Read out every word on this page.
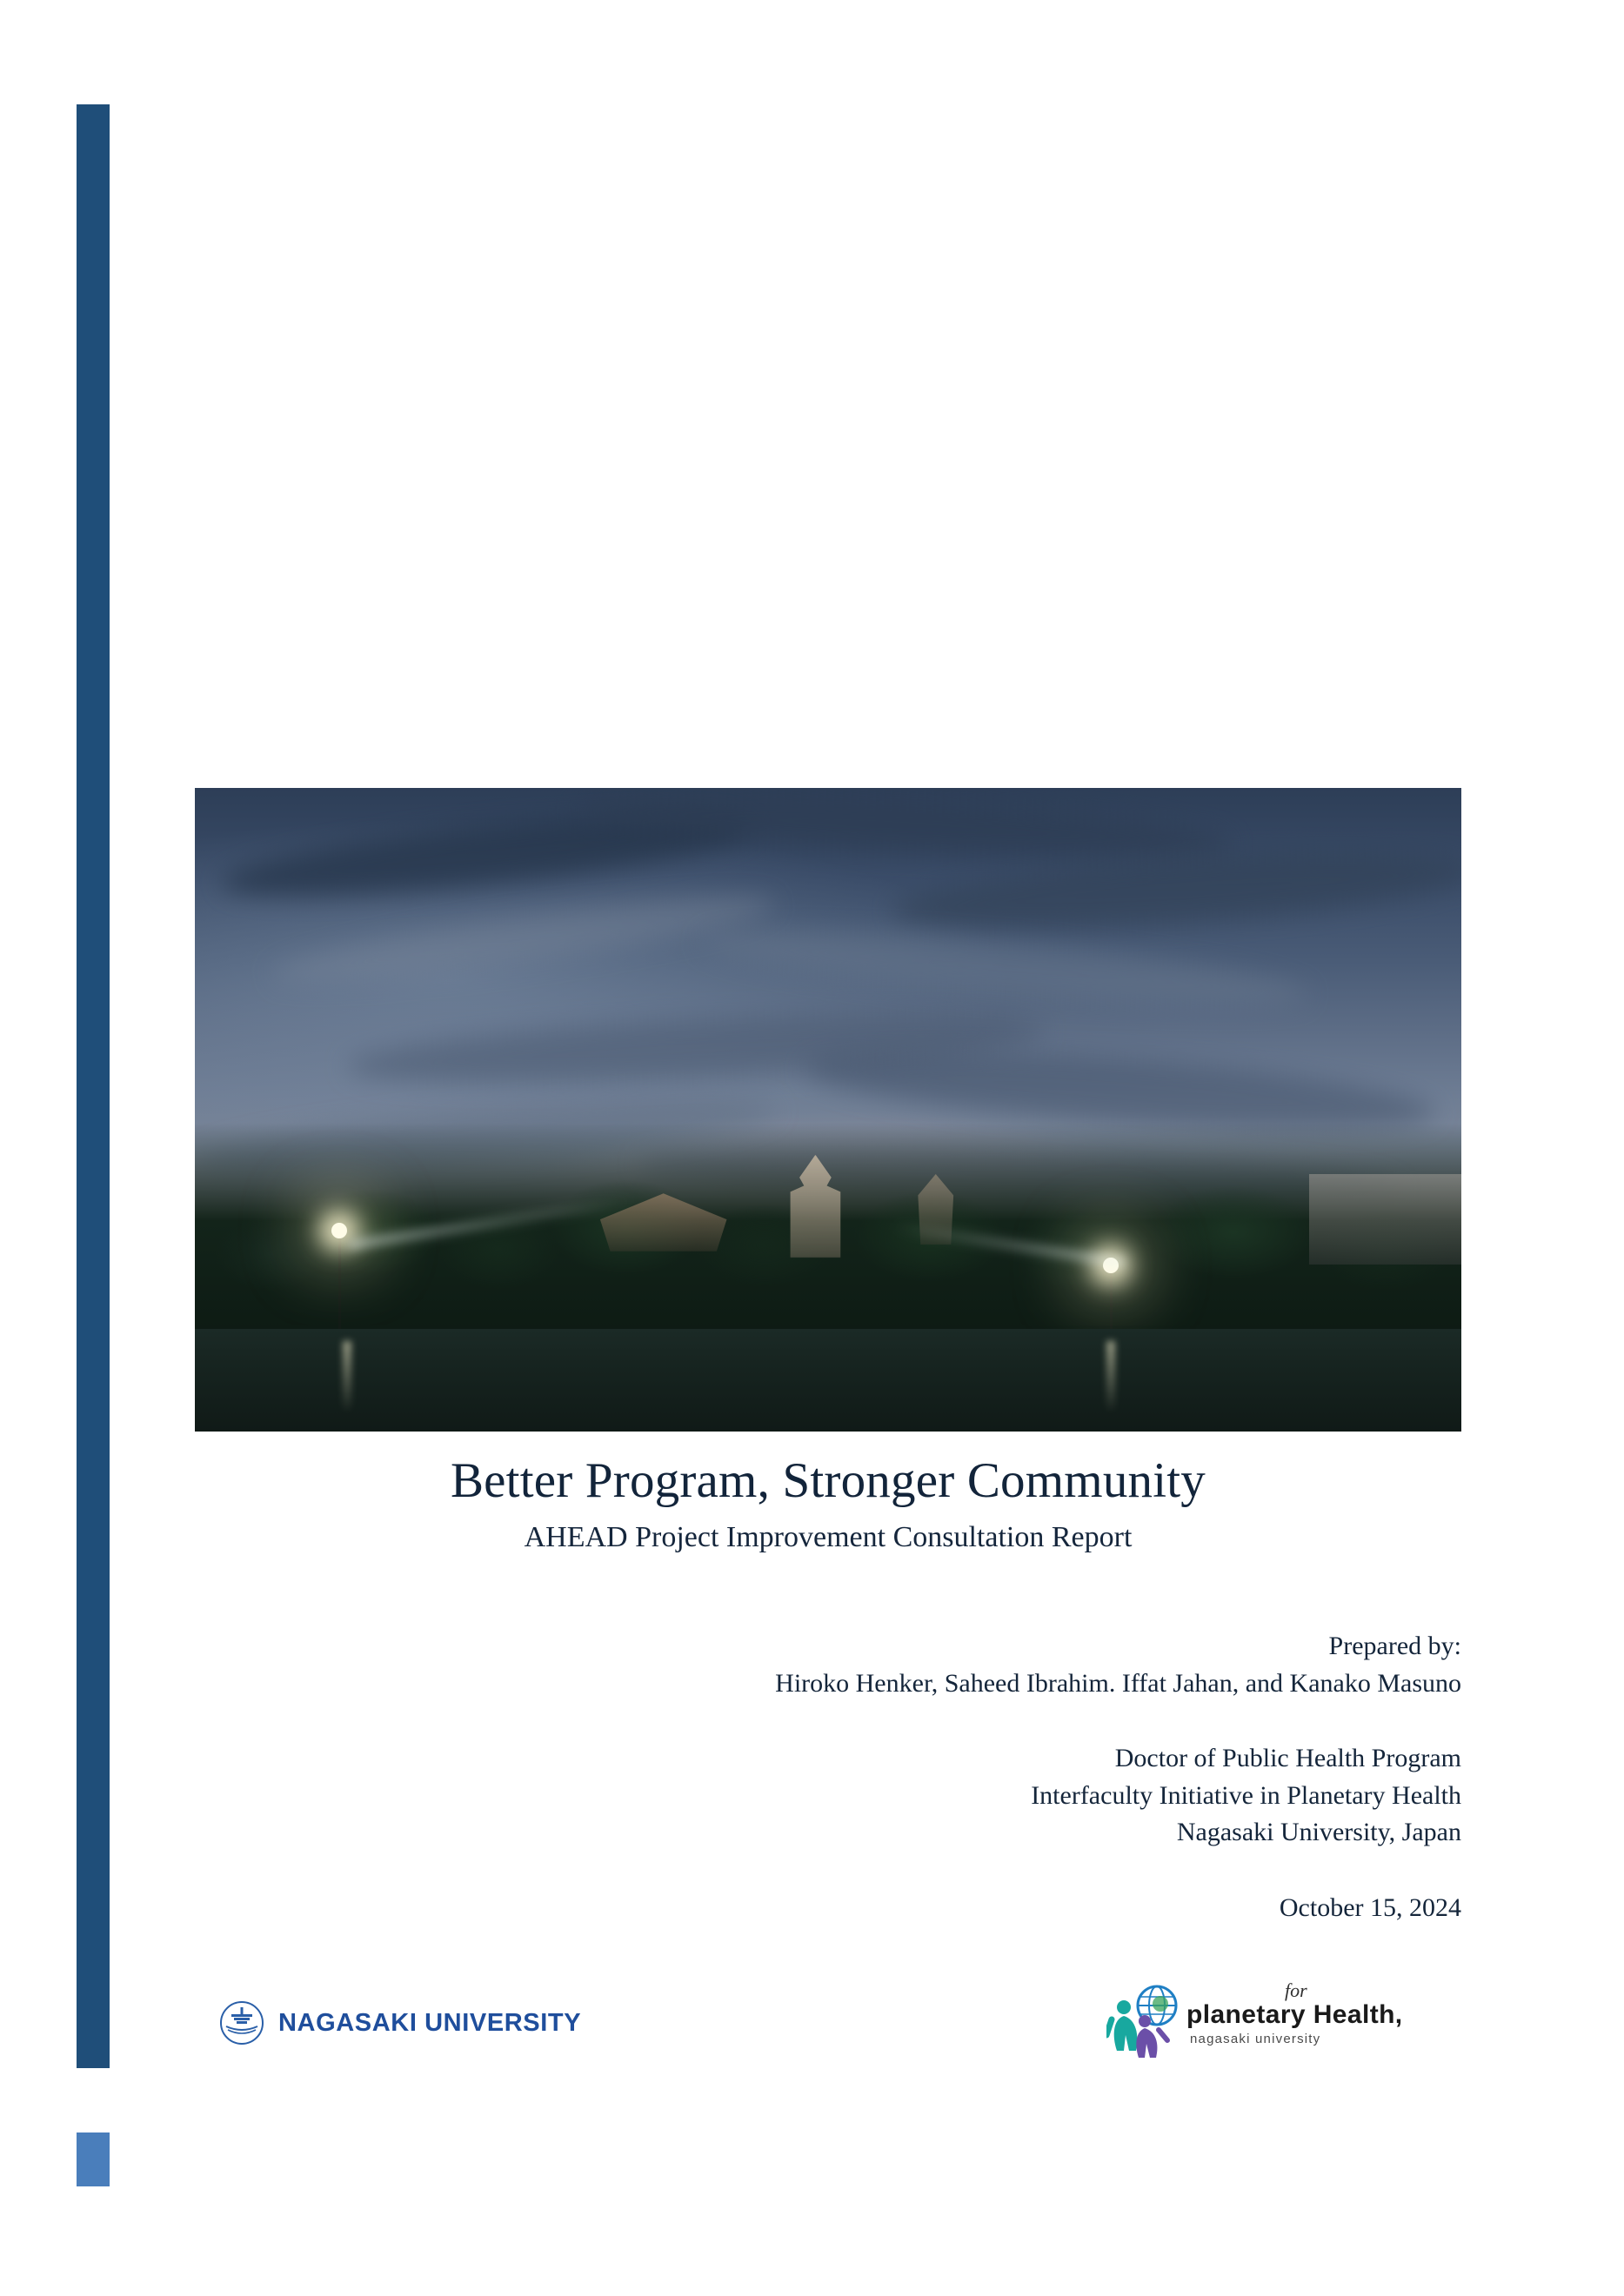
Better Program, Stronger Community
AHEAD Project Improvement Consultation Report
Prepared by:
Hiroko Henker, Saheed Ibrahim. Iffat Jahan, and Kanako Masuno
Doctor of Public Health Program
Interfaculty Initiative in Planetary Health
Nagasaki University, Japan
October 15, 2024
NAGASAKI UNIVERSITY
for
planetary Health,
nagasaki university
